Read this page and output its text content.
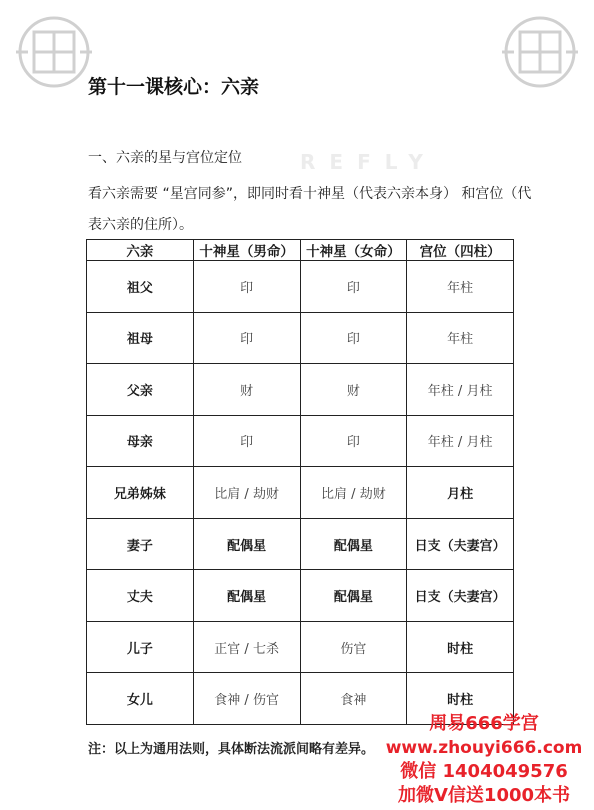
REFLY
第十一课核心：六亲
一、六亲的星与宫位定位
看六亲需要 “星宫同参”，即同时看十神星（代表六亲本身） 和宫位（代表六亲的住所）。
六亲	十神星（男命）	十神星（女命）	宫位（四柱）
祖父	印	印	年柱
祖母	印	印	年柱
父亲	财	财	年柱 / 月柱
母亲	印	印	年柱 / 月柱
兄弟姊妹	比肩 / 劫财	比肩 / 劫财	月柱
妻子	配偶星	配偶星	日支（夫妻宫）
丈夫	配偶星	配偶星	日支（夫妻宫）
儿子	正官 / 七杀	伤官	时柱
女儿	食神 / 伤官	食神	时柱
注：以上为通用法则，具体断法流派间略有差异。
周易666学宫
www.zhouyi666.com
微信 1404049576
加微V信送1000本书
